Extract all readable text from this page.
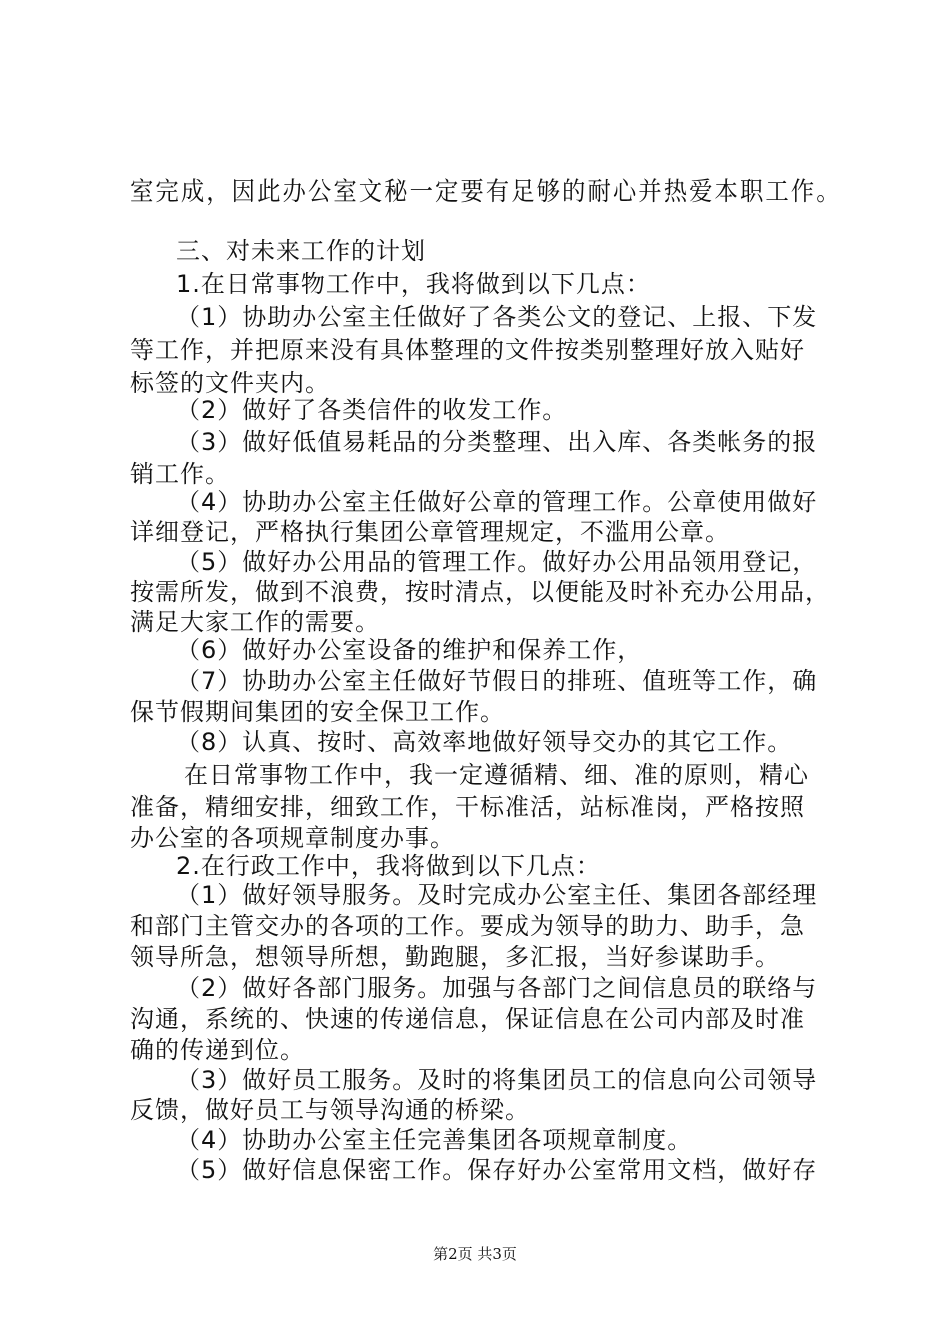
室完成，因此办公室文秘一定要有足够的耐心并热爱本职工作。
三、对未来工作的计划
1.在日常事物工作中，我将做到以下几点：
（1）协助办公室主任做好了各类公文的登记、上报、下发
等工作，并把原来没有具体整理的文件按类别整理好放入贴好
标签的文件夹内。
（2）做好了各类信件的收发工作。
（3）做好低值易耗品的分类整理、出入库、各类帐务的报
销工作。
（4）协助办公室主任做好公章的管理工作。公章使用做好
详细登记，严格执行集团公章管理规定，不滥用公章。
（5）做好办公用品的管理工作。做好办公用品领用登记，
按需所发，做到不浪费，按时清点，以便能及时补充办公用品，
满足大家工作的需要。
（6）做好办公室设备的维护和保养工作，
（7）协助办公室主任做好节假日的排班、值班等工作，确
保节假期间集团的安全保卫工作。
（8）认真、按时、高效率地做好领导交办的其它工作。
在日常事物工作中，我一定遵循精、细、准的原则，精心
准备，精细安排，细致工作，干标准活，站标准岗，严格按照
办公室的各项规章制度办事。
2.在行政工作中，我将做到以下几点：
（1）做好领导服务。及时完成办公室主任、集团各部经理
和部门主管交办的各项的工作。要成为领导的助力、助手，急
领导所急，想领导所想，勤跑腿，多汇报，当好参谋助手。
（2）做好各部门服务。加强与各部门之间信息员的联络与
沟通，系统的、快速的传递信息，保证信息在公司内部及时准
确的传递到位。
（3）做好员工服务。及时的将集团员工的信息向公司领导
反馈，做好员工与领导沟通的桥梁。
（4）协助办公室主任完善集团各项规章制度。
（5）做好信息保密工作。保存好办公室常用文档，做好存
第2页 共3页
